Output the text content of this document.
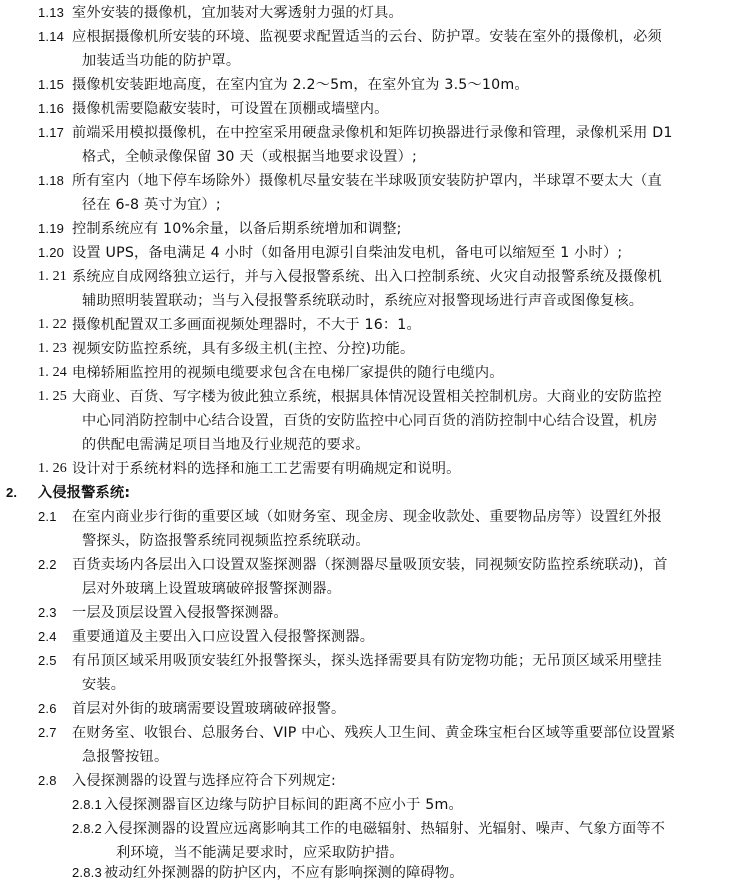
1.13 室外安装的摄像机，宜加装对大雾透射力强的灯具。
1.14 应根据摄像机所安装的环境、监视要求配置适当的云台、防护罩。安装在室外的摄像机，必须
加装适当功能的防护罩。
1.15 摄像机安装距地高度，在室内宜为 2.2～5m，在室外宜为 3.5～10m。
1.16 摄像机需要隐蔽安装时，可设置在顶棚或墙壁内。
1.17 前端采用模拟摄像机，在中控室采用硬盘录像机和矩阵切换器进行录像和管理，录像机采用 D1
格式，全帧录像保留 30 天（或根据当地要求设置）;
1.18 所有室内（地下停车场除外）摄像机尽量安装在半球吸顶安装防护罩内，半球罩不要太大（直
径在 6-8 英寸为宜）;
1.19 控制系统应有 10%余量，以备后期系统增加和调整;
1.20 设置 UPS，备电满足 4 小时（如备用电源引自柴油发电机，备电可以缩短至 1 小时）;
1. 21 系统应自成网络独立运行，并与入侵报警系统、出入口控制系统、火灾自动报警系统及摄像机
辅助照明装置联动；当与入侵报警系统联动时，系统应对报警现场进行声音或图像复核。
1. 22 摄像机配置双工多画面视频处理器时，不大于 16：1。
1. 23 视频安防监控系统，具有多级主机(主控、分控)功能。
1. 24 电梯轿厢监控用的视频电缆要求包含在电梯厂家提供的随行电缆内。
1. 25 大商业、百货、写字楼为彼此独立系统，根据具体情况设置相关控制机房。大商业的安防监控
中心同消防控制中心结合设置，百货的安防监控中心同百货的消防控制中心结合设置，机房
的供配电需满足项目当地及行业规范的要求。
1. 26 设计对于系统材料的选择和施工工艺需要有明确规定和说明。
2. 入侵报警系统:
2.1 在室内商业步行街的重要区域（如财务室、现金房、现金收款处、重要物品房等）设置红外报
警探头，防盗报警系统同视频监控系统联动。
2.2 百货卖场内各层出入口设置双鉴探测器（探测器尽量吸顶安装，同视频安防监控系统联动)，首
层对外玻璃上设置玻璃破碎报警探测器。
2.3 一层及顶层设置入侵报警探测器。
2.4 重要通道及主要出入口应设置入侵报警探测器。
2.5 有吊顶区域采用吸顶安装红外报警探头，探头选择需要具有防宠物功能；无吊顶区域采用壁挂
安装。
2.6 首层对外街的玻璃需要设置玻璃破碎报警。
2.7 在财务室、收银台、总服务台、VIP 中心、残疾人卫生间、黄金珠宝柜台区域等重要部位设置紧
急报警按钮。
2.8 入侵探测器的设置与选择应符合下列规定:
2.8.1 入侵探测器盲区边缘与防护目标间的距离不应小于 5m。
2.8.2 入侵探测器的设置应远离影响其工作的电磁辐射、热辐射、光辐射、噪声、气象方面等不
利环境，当不能满足要求时，应采取防护措。
2.8.3 被动红外探测器的防护区内，不应有影响探测的障碍物。
